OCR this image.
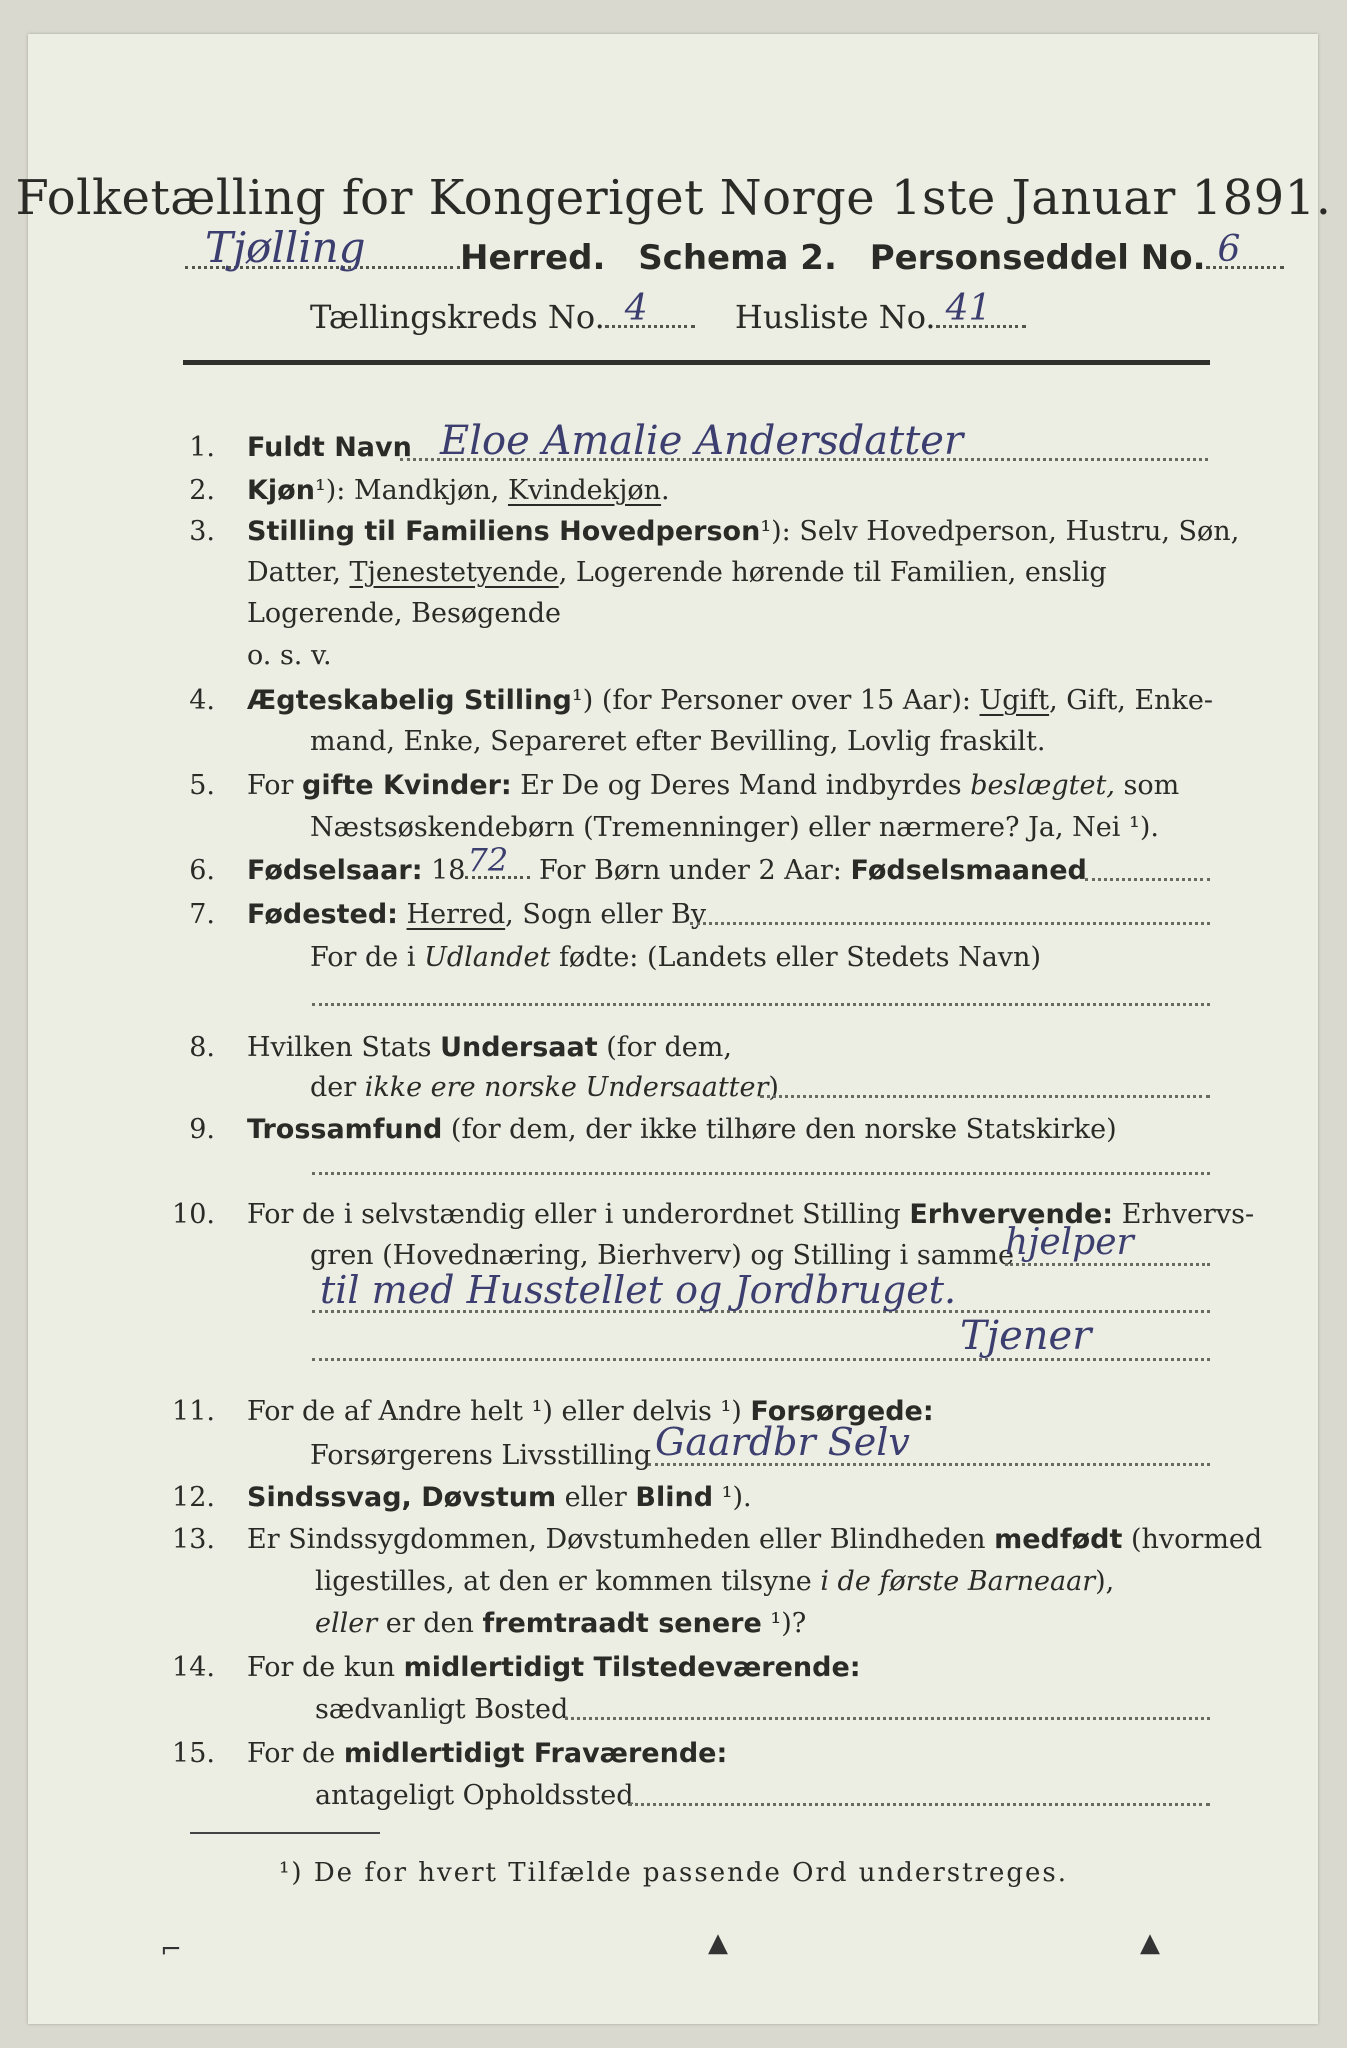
Folketælling for Kongeriget Norge 1ste Januar 1891.
Tjølling	Herred. Schema 2. Personseddel No. 6
Tællingskreds No. 4	Husliste No. 41
1. Fuldt Navn Eloe Amalie Andersdatter
2. Kjøn¹): Mandkjøn, Kvindekjøn.
3. Stilling til Familiens Hovedperson¹): Selv Hovedperson, Hustru, Søn,
Datter, Tjenestetyende, Logerende hørende til Familien, enslig
Logerende, Besøgende
o. s. v.
4. Ægteskabelig Stilling¹) (for Personer over 15 Aar): Ugift, Gift, Enke-
mand, Enke, Separeret efter Bevilling, Lovlig fraskilt.
5. For gifte Kvinder: Er De og Deres Mand indbyrdes beslægtet, som
Næstsøskendebørn (Tremenninger) eller nærmere? Ja, Nei ¹).
6. Fødselsaar: 18 72 For Børn under 2 Aar: Fødselsmaaned
7. Fødested: Herred, Sogn eller By
For de i Udlandet fødte: (Landets eller Stedets Navn)
8. Hvilken Stats Undersaat (for dem,
der ikke ere norske Undersaatter)
9. Trossamfund (for dem, der ikke tilhøre den norske Statskirke)
10. For de i selvstændig eller i underordnet Stilling Erhvervende: Erhvervs-
gren (Hovednæring, Bierhverv) og Stilling i samme
hjelper
til med Husstellet og Jordbruget.
Tjener
11. For de af Andre helt ¹) eller delvis ¹) Forsørgede:
Forsørgerens Livsstilling Gaardbr Selv
12. Sindssvag, Døvstum eller Blind ¹).
13. Er Sindssygdommen, Døvstumheden eller Blindheden medfødt (hvormed
ligestilles, at den er kommen tilsyne i de første Barneaar),
eller er den fremtraadt senere ¹)?
14. For de kun midlertidigt Tilstedeværende:
sædvanligt Bosted
15. For de midlertidigt Fraværende:
antageligt Opholdssted
¹) De for hvert Tilfælde passende Ord understreges.
⌐	▲	▲
